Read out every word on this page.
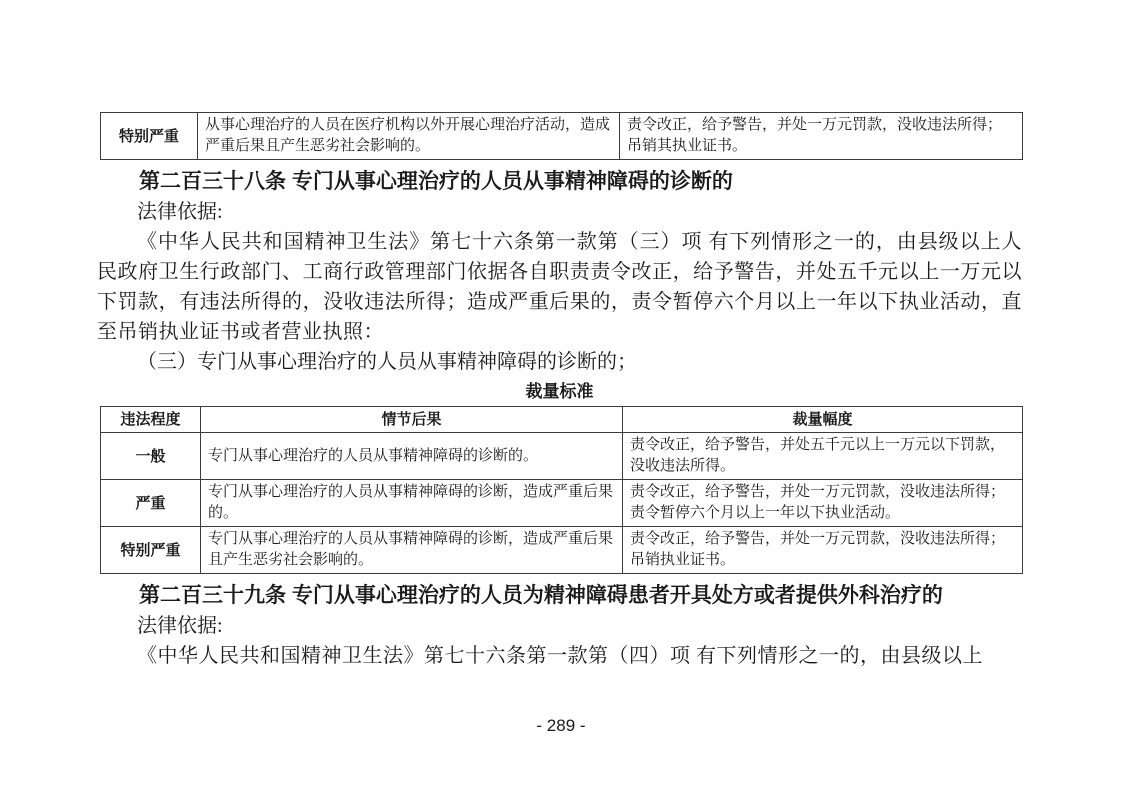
特别严重	从事心理治疗的人员在医疗机构以外开展心理治疗活动，造成严重后果且产生恶劣社会影响的。	责令改正，给予警告，并处一万元罚款，没收违法所得；吊销其执业证书。
第二百三十八条 专门从事心理治疗的人员从事精神障碍的诊断的
法律依据:
《中华人民共和国精神卫生法》第七十六条第一款第（三）项 有下列情形之一的，由县级以上人民政府卫生行政部门、工商行政管理部门依据各自职责责令改正，给予警告，并处五千元以上一万元以下罚款，有违法所得的，没收违法所得；造成严重后果的，责令暂停六个月以上一年以下执业活动，直至吊销执业证书或者营业执照：
（三）专门从事心理治疗的人员从事精神障碍的诊断的；
裁量标准
违法程度	情节后果	裁量幅度
一般	专门从事心理治疗的人员从事精神障碍的诊断的。	责令改正，给予警告，并处五千元以上一万元以下罚款，没收违法所得。
严重	专门从事心理治疗的人员从事精神障碍的诊断，造成严重后果的。	责令改正，给予警告，并处一万元罚款，没收违法所得；责令暂停六个月以上一年以下执业活动。
特别严重	专门从事心理治疗的人员从事精神障碍的诊断，造成严重后果且产生恶劣社会影响的。	责令改正，给予警告，并处一万元罚款，没收违法所得；吊销执业证书。
第二百三十九条 专门从事心理治疗的人员为精神障碍患者开具处方或者提供外科治疗的
法律依据:
《中华人民共和国精神卫生法》第七十六条第一款第（四）项 有下列情形之一的，由县级以上
- 289 -
